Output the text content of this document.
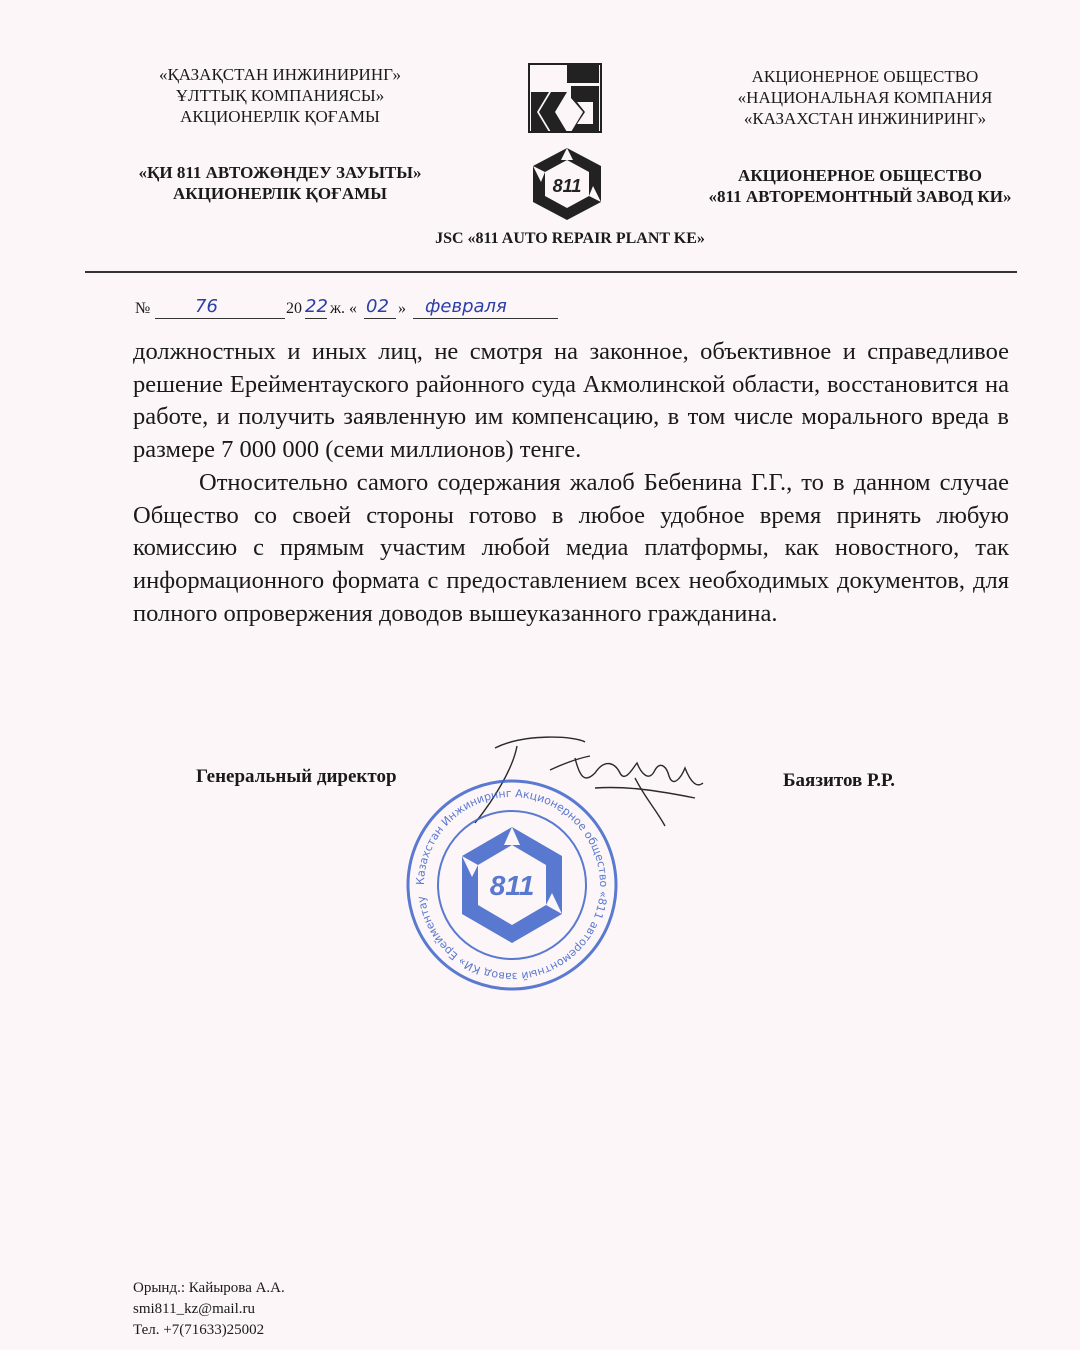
«ҚАЗАҚСТАН ИНЖИНИРИНГ»
ҰЛТТЫҚ КОМПАНИЯСЫ»
АКЦИОНЕРЛІК ҚОҒАМЫ
«ҚИ 811 АВТОЖӨНДЕУ ЗАУЫТЫ»
АКЦИОНЕРЛІК ҚОҒАМЫ	811
АКЦИОНЕРНОЕ ОБЩЕСТВО
«НАЦИОНАЛЬНАЯ КОМПАНИЯ
«КАЗАХСТАН ИНЖИНИРИНГ»
АКЦИОНЕРНОЕ ОБЩЕСТВО
«811 АВТОРЕМОНТНЫЙ ЗАВОД КИ»
JSC «811 AUTO REPAIR PLANT KE»
№ 76	20 22 ж. « 02 » февраля

должностных и иных лиц, не смотря на законное, объективное и справедливое решение Ерейментауского районного суда Акмолинской области, восстановится на работе, и получить заявленную им компенсацию, в том числе морального вреда в размере 7 000 000 (семи миллионов) тенге.

Относительно самого содержания жалоб Бебенина Г.Г., то в данном случае Общество со своей стороны готово в любое удобное время принять любую комиссию с прямым участим любой медиа платформы, как новостного, так информационного формата с предоставлением всех необходимых документов, для полного опровержения доводов вышеуказанного гражданина.

Генеральный директор	Баязитов Р.Р.
Казахстан Инжиниринг Акционерное общество «811 авторемонтный завод КИ» Ерейментау	811
Орынд.: Кайырова А.А.
smi811_kz@mail.ru
Тел. +7(71633)25002
